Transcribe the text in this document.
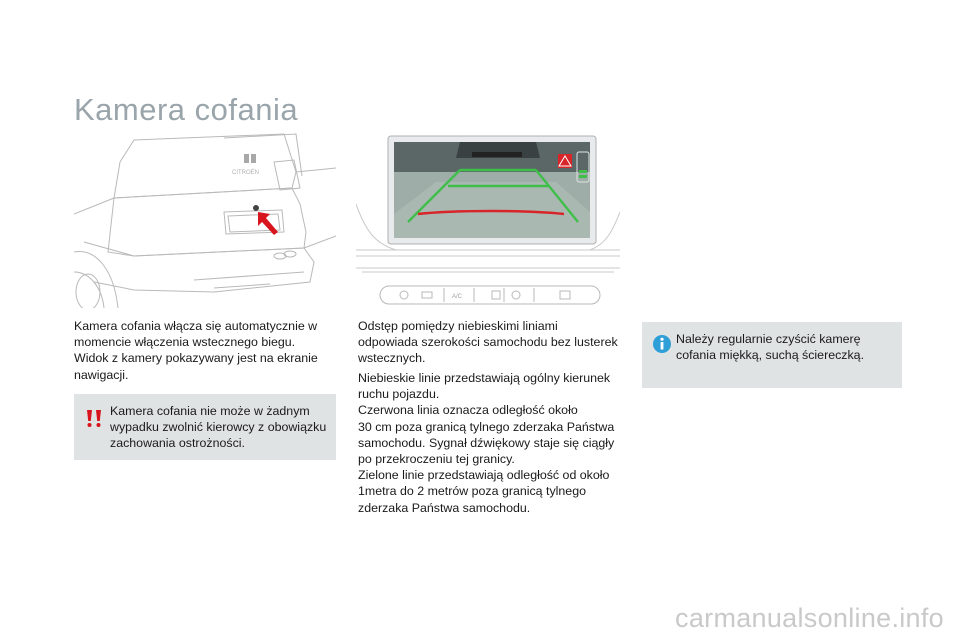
Kamera cofania
CITROËN
A/C

Kamera cofania włącza się automatycznie w
momencie włączenia wstecznego biegu.
Widok z kamery pokazywany jest na ekranie
nawigacji.

Kamera cofania nie może w żadnym
wypadku zwolnić kierowcy z obowiązku
zachowania ostrożności.

Odstęp pomiędzy niebieskimi liniami
odpowiada szerokości samochodu bez lusterek
wstecznych.

Niebieskie linie przedstawiają ogólny kierunek
ruchu pojazdu.
Czerwona linia oznacza odległość około
30 cm poza granicą tylnego zderzaka Państwa
samochodu. Sygnał dźwiękowy staje się ciągły
po przekroczeniu tej granicy.
Zielone linie przedstawiają odległość od około
1metra do 2 metrów poza granicą tylnego
zderzaka Państwa samochodu.

Należy regularnie czyścić kamerę
cofania miękką, suchą ściereczką.
carmanualsonline.info
